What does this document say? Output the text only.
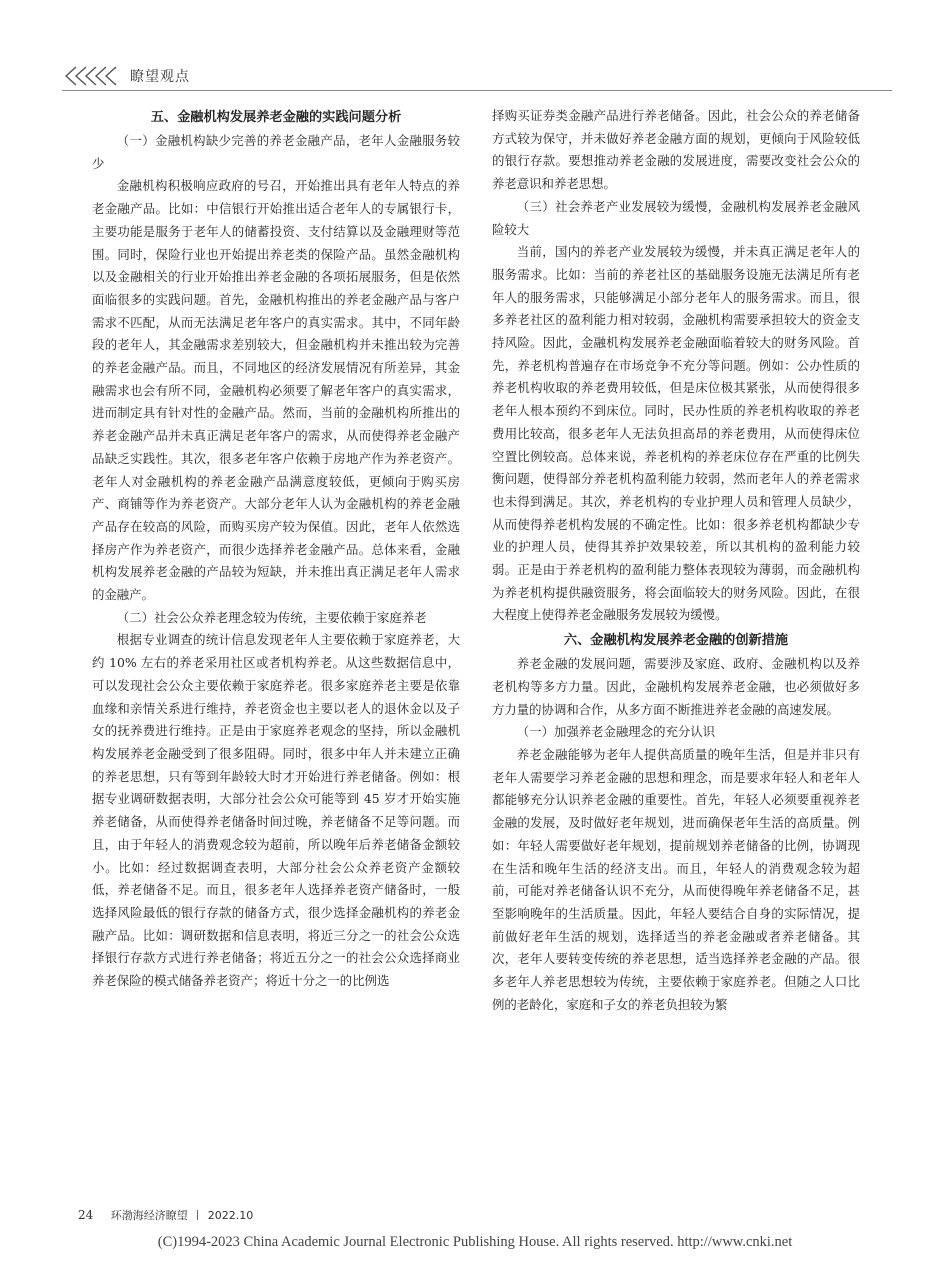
瞭望观点
五、金融机构发展养老金融的实践问题分析
（一）金融机构缺少完善的养老金融产品，老年人金融服务较少

金融机构积极响应政府的号召，开始推出具有老年人特点的养老金融产品。比如：中信银行开始推出适合老年人的专属银行卡，主要功能是服务于老年人的储蓄投资、支付结算以及金融理财等范围。同时，保险行业也开始提出养老类的保险产品。虽然金融机构以及金融相关的行业开始推出养老金融的各项拓展服务，但是依然面临很多的实践问题。首先，金融机构推出的养老金融产品与客户需求不匹配，从而无法满足老年客户的真实需求。其中，不同年龄段的老年人，其金融需求差别较大，但金融机构并未推出较为完善的养老金融产品。而且，不同地区的经济发展情况有所差异，其金融需求也会有所不同，金融机构必须要了解老年客户的真实需求，进而制定具有针对性的金融产品。然而，当前的金融机构所推出的养老金融产品并未真正满足老年客户的需求，从而使得养老金融产品缺乏实践性。其次，很多老年客户依赖于房地产作为养老资产。老年人对金融机构的养老金融产品满意度较低，更倾向于购买房产、商铺等作为养老资产。大部分老年人认为金融机构的养老金融产品存在较高的风险，而购买房产较为保值。因此，老年人依然选择房产作为养老资产，而很少选择养老金融产品。总体来看，金融机构发展养老金融的产品较为短缺，并未推出真正满足老年人需求的金融产。

（二）社会公众养老理念较为传统，主要依赖于家庭养老

根据专业调查的统计信息发现老年人主要依赖于家庭养老，大约 10% 左右的养老采用社区或者机构养老。从这些数据信息中，可以发现社会公众主要依赖于家庭养老。很多家庭养老主要是依靠血缘和亲情关系进行维持，养老资金也主要以老人的退休金以及子女的抚养费进行维持。正是由于家庭养老观念的坚持，所以金融机构发展养老金融受到了很多阻碍。同时，很多中年人并未建立正确的养老思想，只有等到年龄较大时才开始进行养老储备。例如：根据专业调研数据表明，大部分社会公众可能等到 45 岁才开始实施养老储备，从而使得养老储备时间过晚，养老储备不足等问题。而且，由于年轻人的消费观念较为超前，所以晚年后养老储备金额较小。比如：经过数据调查表明，大部分社会公众养老资产金额较低，养老储备不足。而且，很多老年人选择养老资产储备时，一般选择风险最低的银行存款的储备方式，很少选择金融机构的养老金融产品。比如：调研数据和信息表明，将近三分之一的社会公众选择银行存款方式进行养老储备；将近五分之一的社会公众选择商业养老保险的模式储备养老资产；将近十分之一的比例选

择购买证券类金融产品进行养老储备。因此，社会公众的养老储备方式较为保守，并未做好养老金融方面的规划，更倾向于风险较低的银行存款。要想推动养老金融的发展进度，需要改变社会公众的养老意识和养老思想。

（三）社会养老产业发展较为缓慢，金融机构发展养老金融风险较大

当前，国内的养老产业发展较为缓慢，并未真正满足老年人的服务需求。比如：当前的养老社区的基础服务设施无法满足所有老年人的服务需求，只能够满足小部分老年人的服务需求。而且，很多养老社区的盈利能力相对较弱，金融机构需要承担较大的资金支持风险。因此，金融机构发展养老金融面临着较大的财务风险。首先，养老机构普遍存在市场竞争不充分等问题。例如：公办性质的养老机构收取的养老费用较低，但是床位极其紧张，从而使得很多老年人根本预约不到床位。同时，民办性质的养老机构收取的养老费用比较高，很多老年人无法负担高昂的养老费用，从而使得床位空置比例较高。总体来说，养老机构的养老床位存在严重的比例失衡问题，使得部分养老机构盈利能力较弱，然而老年人的养老需求也未得到满足。其次，养老机构的专业护理人员和管理人员缺少，从而使得养老机构发展的不确定性。比如：很多养老机构都缺少专业的护理人员，使得其养护效果较差，所以其机构的盈利能力较弱。正是由于养老机构的盈利能力整体表现较为薄弱，而金融机构为养老机构提供融资服务，将会面临较大的财务风险。因此，在很大程度上使得养老金融服务发展较为缓慢。

六、金融机构发展养老金融的创新措施

养老金融的发展问题，需要涉及家庭、政府、金融机构以及养老机构等多方力量。因此，金融机构发展养老金融，也必须做好多方力量的协调和合作，从多方面不断推进养老金融的高速发展。

（一）加强养老金融理念的充分认识

养老金融能够为老年人提供高质量的晚年生活，但是并非只有老年人需要学习养老金融的思想和理念，而是要求年轻人和老年人都能够充分认识养老金融的重要性。首先，年轻人必须要重视养老金融的发展，及时做好老年规划，进而确保老年生活的高质量。例如：年轻人需要做好老年规划，提前规划养老储备的比例，协调现在生活和晚年生活的经济支出。而且，年轻人的消费观念较为超前，可能对养老储备认识不充分，从而使得晚年养老储备不足，甚至影响晚年的生活质量。因此，年轻人要结合自身的实际情况，提前做好老年生活的规划，选择适当的养老金融或者养老储备。其次，老年人要转变传统的养老思想，适当选择养老金融的产品。很多老年人养老思想较为传统，主要依赖于家庭养老。但随之人口比例的老龄化，家庭和子女的养老负担较为繁

24 环渤海经济瞭望 2022.10
(C)1994-2023 China Academic Journal Electronic Publishing House. All rights reserved. http://www.cnki.net
